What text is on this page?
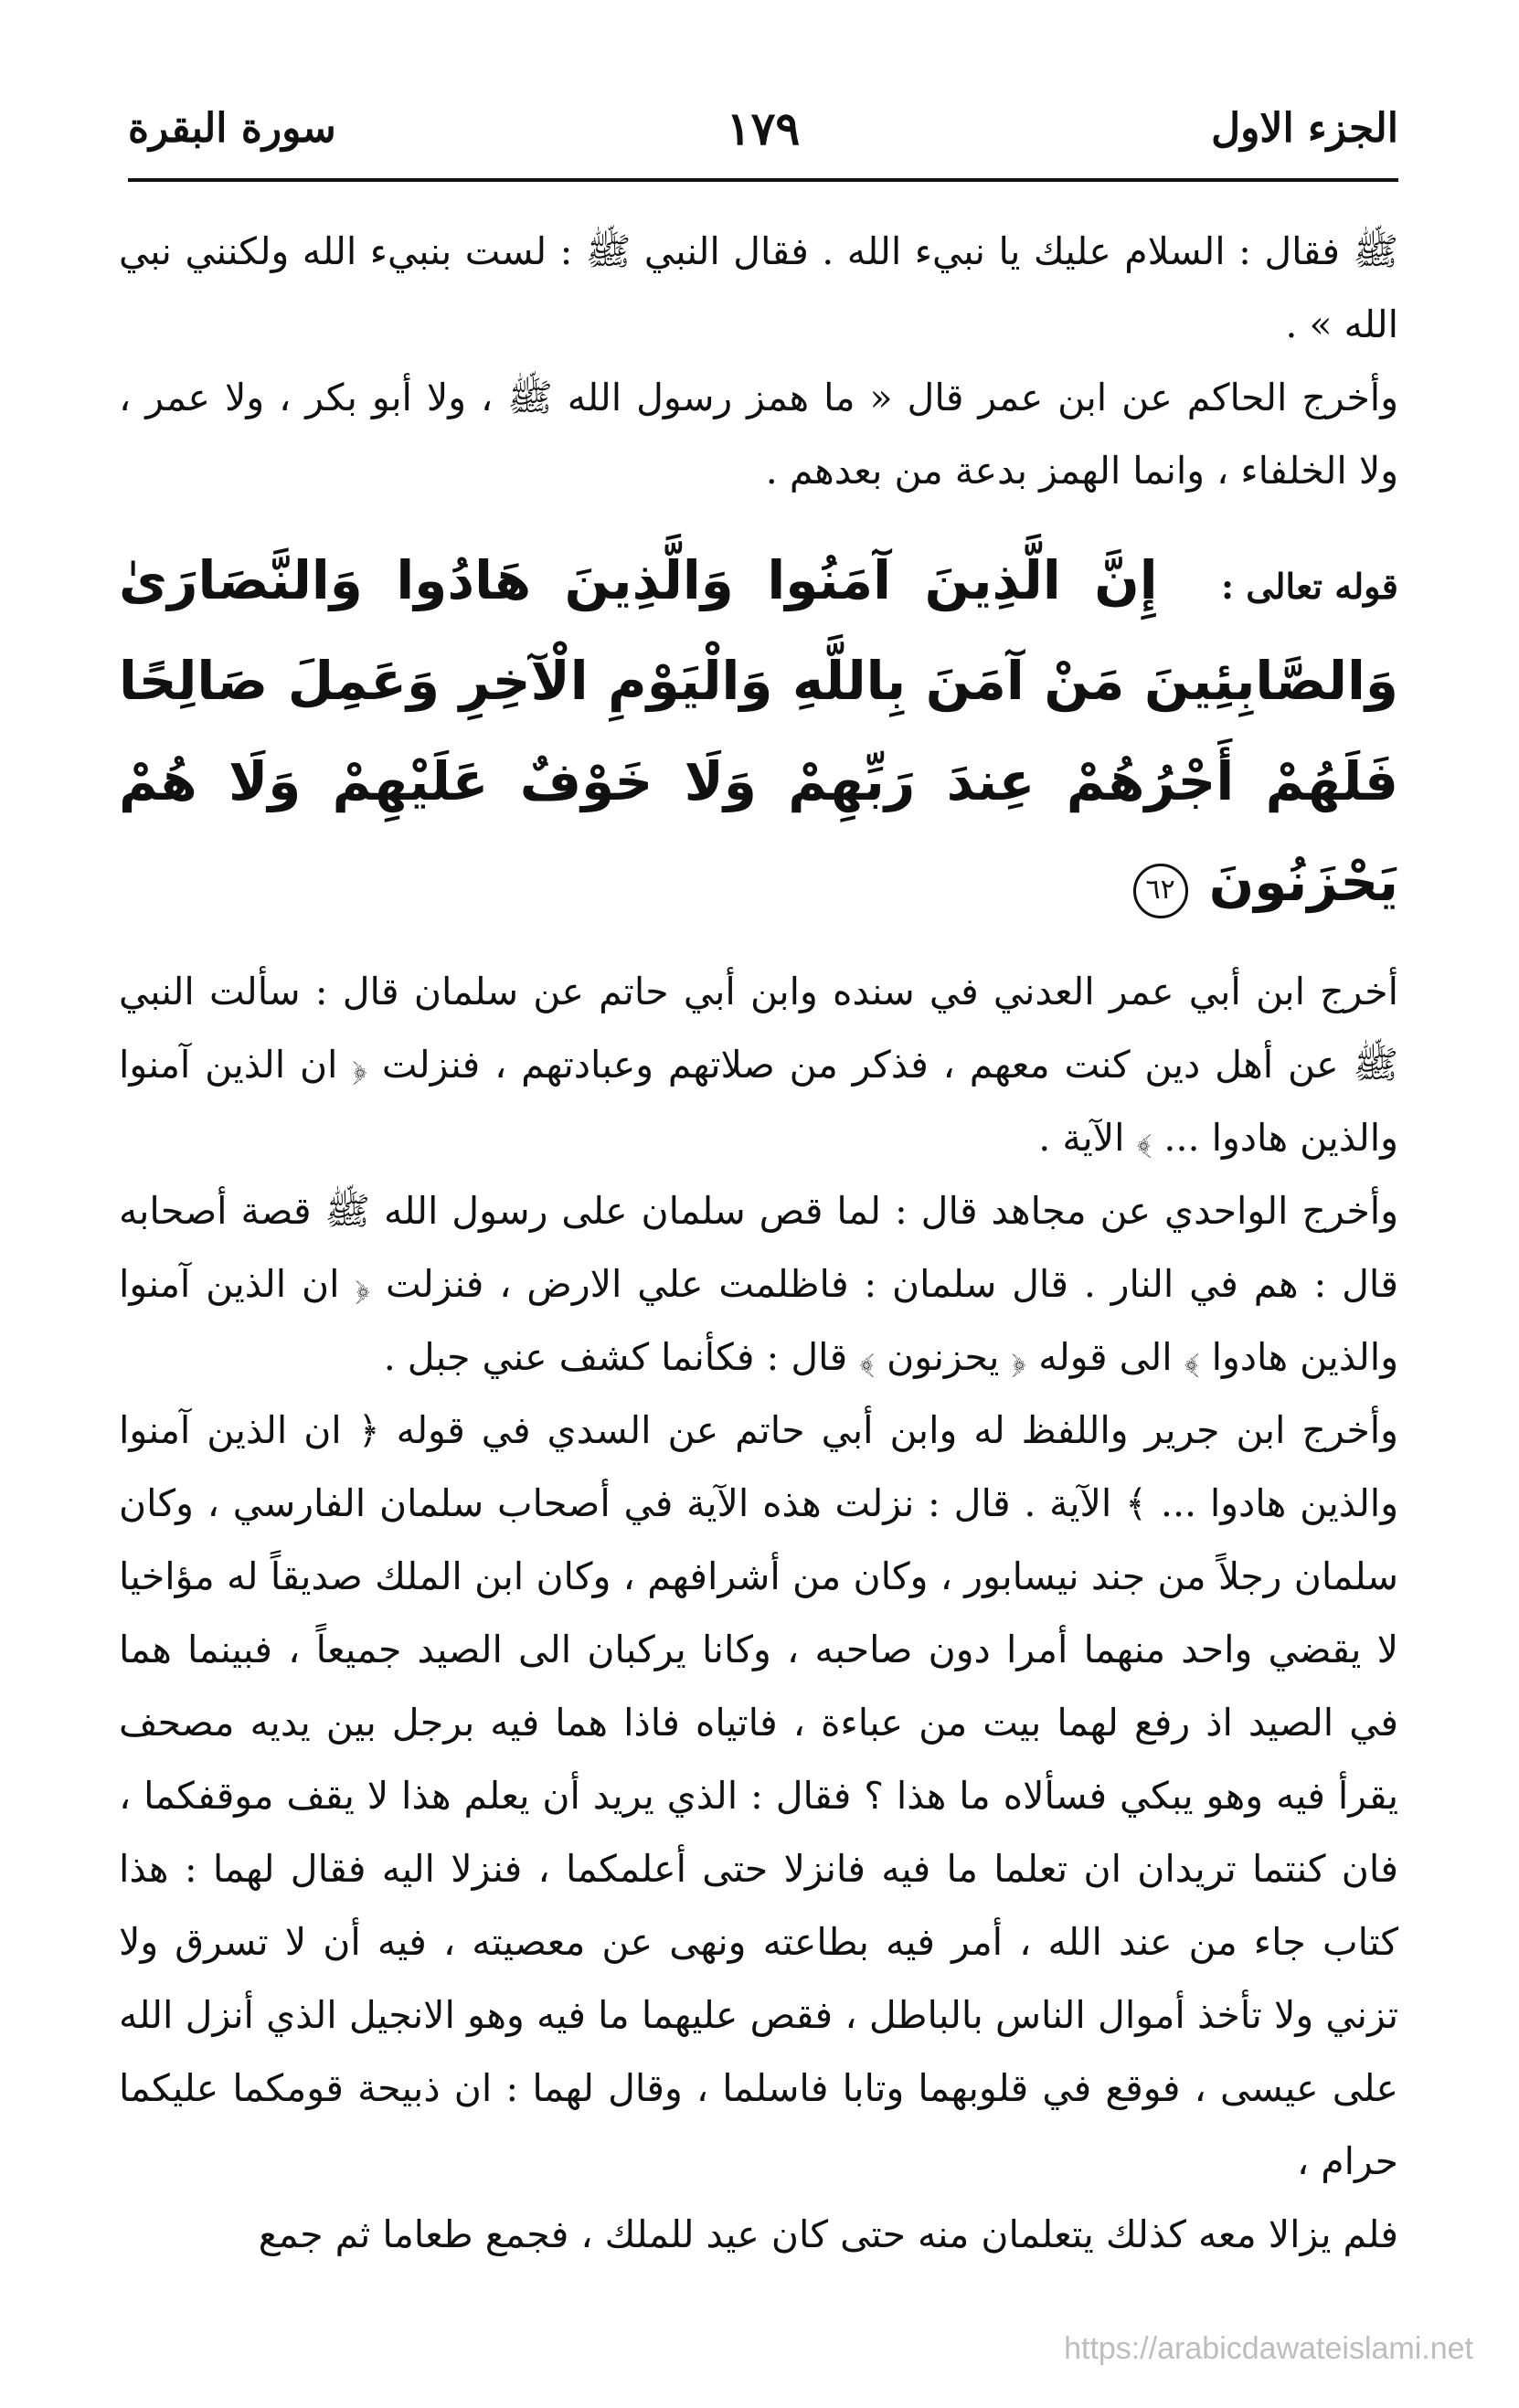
الجزء الاول
١٧٩
سورة البقرة

ﷺ فقال : السلام عليك يا نبيء الله . فقال النبي ﷺ : لست بنبيء الله ولكنني نبي الله » .

وأخرج الحاكم عن ابن عمر قال « ما همز رسول الله ﷺ ، ولا أبو بكر ، ولا عمر ، ولا الخلفاء ، وانما الهمز بدعة من بعدهم .

قوله تعالى : إِنَّ الَّذِينَ آمَنُوا وَالَّذِينَ هَادُوا وَالنَّصَارَىٰ وَالصَّابِئِينَ مَنْ آمَنَ بِاللَّهِ وَالْيَوْمِ الْآخِرِ وَعَمِلَ صَالِحًا فَلَهُمْ أَجْرُهُمْ عِندَ رَبِّهِمْ وَلَا خَوْفٌ عَلَيْهِمْ وَلَا هُمْ يَحْزَنُونَ ٦٢

أخرج ابن أبي عمر العدني في سنده وابن أبي حاتم عن سلمان قال : سألت النبي ﷺ عن أهل دين كنت معهم ، فذكر من صلاتهم وعبادتهم ، فنزلت ﴿ ان الذين آمنوا والذين هادوا ... ﴾ الآية .

وأخرج الواحدي عن مجاهد قال : لما قص سلمان على رسول الله ﷺ قصة أصحابه قال : هم في النار . قال سلمان : فاظلمت علي الارض ، فنزلت ﴿ ان الذين آمنوا والذين هادوا ﴾ الى قوله ﴿ يحزنون ﴾ قال : فكأنما كشف عني جبل .

وأخرج ابن جرير واللفظ له وابن أبي حاتم عن السدي في قوله ﴿ ان الذين آمنوا والذين هادوا ... ﴾ الآية . قال : نزلت هذه الآية في أصحاب سلمان الفارسي ، وكان سلمان رجلاً من جند نيسابور ، وكان من أشرافهم ، وكان ابن الملك صديقاً له مؤاخيا لا يقضي واحد منهما أمرا دون صاحبه ، وكانا يركبان الى الصيد جميعاً ، فبينما هما في الصيد اذ رفع لهما بيت من عباءة ، فاتياه فاذا هما فيه برجل بين يديه مصحف يقرأ فيه وهو يبكي فسألاه ما هذا ؟ فقال : الذي يريد أن يعلم هذا لا يقف موقفكما ، فان كنتما تريدان ان تعلما ما فيه فانزلا حتى أعلمكما ، فنزلا اليه فقال لهما : هذا كتاب جاء من عند الله ، أمر فيه بطاعته ونهى عن معصيته ، فيه أن لا تسرق ولا تزني ولا تأخذ أموال الناس بالباطل ، فقص عليهما ما فيه وهو الانجيل الذي أنزل الله على عيسى ، فوقع في قلوبهما وتابا فاسلما ، وقال لهما : ان ذبيحة قومكما عليكما حرام ،

فلم يزالا معه كذلك يتعلمان منه حتى كان عيد للملك ، فجمع طعاما ثم جمع

https://arabicdawateislami.net
